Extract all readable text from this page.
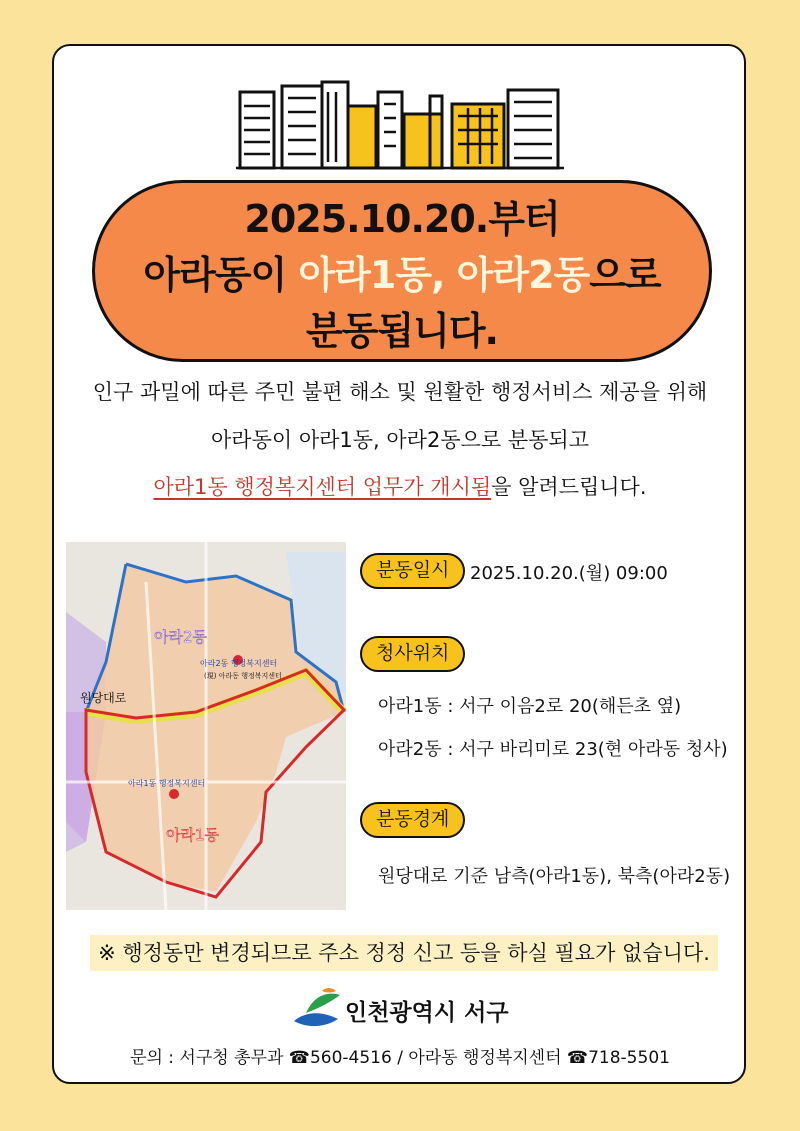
2025.10.20.부터
아라동이 아라1동, 아라2동으로
분동됩니다.
인구 과밀에 따른 주민 불편 해소 및 원활한 행정서비스 제공을 위해
아라동이 아라1동, 아라2동으로 분동되고
아라1동 행정복지센터 업무가 개시됨을 알려드립니다.
아라2동
아라1동
원당대로
아라2동 행정복지센터
(現) 아라동 행정복지센터
아라1동 행정복지센터
분동일시	2025.10.20.(월) 09:00
청사위치
아라1동 : 서구 이음2로 20(해든초 옆)
아라2동 : 서구 바리미로 23(현 아라동 청사)
분동경계
원당대로 기준 남측(아라1동), 북측(아라2동)
※ 행정동만 변경되므로 주소 정정 신고 등을 하실 필요가 없습니다.
인천광역시 서구
문의 : 서구청 총무과 ☎560-4516 / 아라동 행정복지센터 ☎718-5501
